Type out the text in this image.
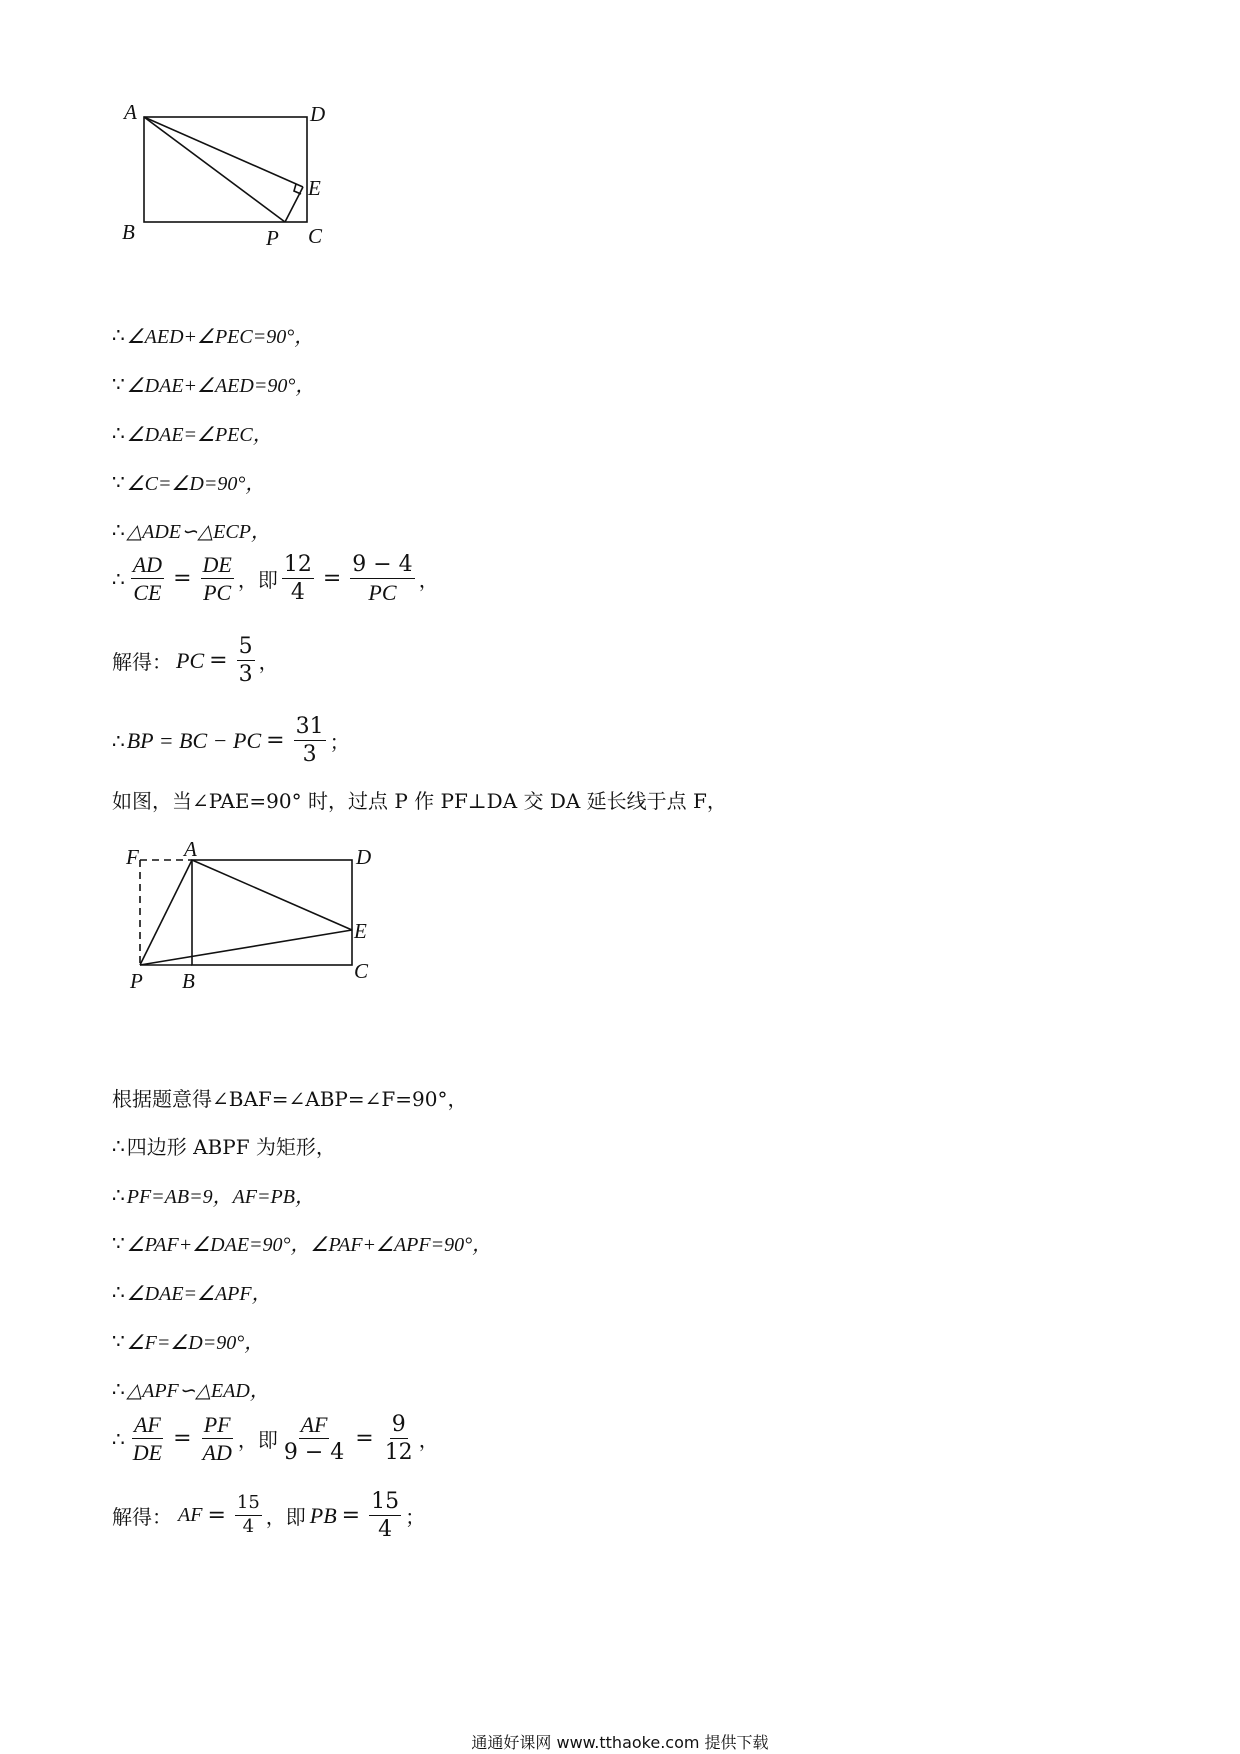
A	D
E
B	P C
∴ ∠AED+∠PEC=90°，
∵ ∠DAE+∠AED=90°，
∴ ∠DAE=∠PEC，
∵ ∠C=∠D=90°，
∴ △ADE∽△ECP，
∴ $\frac{AD}{CE} = \frac{DE}{PC}$ ，即 $\frac{12}{4} = \frac{9 - 4}{PC}$ ，
解得： PC = $\frac{5}{3}$ ，
∴ BP = BC − PC = $\frac{31}{3}$ ；
如图，当∠PAE=90° 时，过点 P 作 PF⊥DA 交 DA 延长线于点 F，
F A	D
E
P B	C
根据题意得∠BAF=∠ABP=∠F=90°，
∴ 四边形 ABPF 为矩形，
∴ PF=AB=9，AF=PB，
∵ ∠PAF+∠DAE=90°，∠PAF+∠APF=90°，
∴ ∠DAE=∠APF，
∵ ∠F=∠D=90°，
∴ △APF∽△EAD，
∴ $\frac{AF}{DE} = \frac{PF}{AD}$ ，即 $\frac{AF}{9 - 4} = \frac{9}{12}$ ，
解得： AF = $\frac{15}{4}$ ，即 PB = $\frac{15}{4}$ ；
通通好课网 www.tthaoke.com 提供下载
